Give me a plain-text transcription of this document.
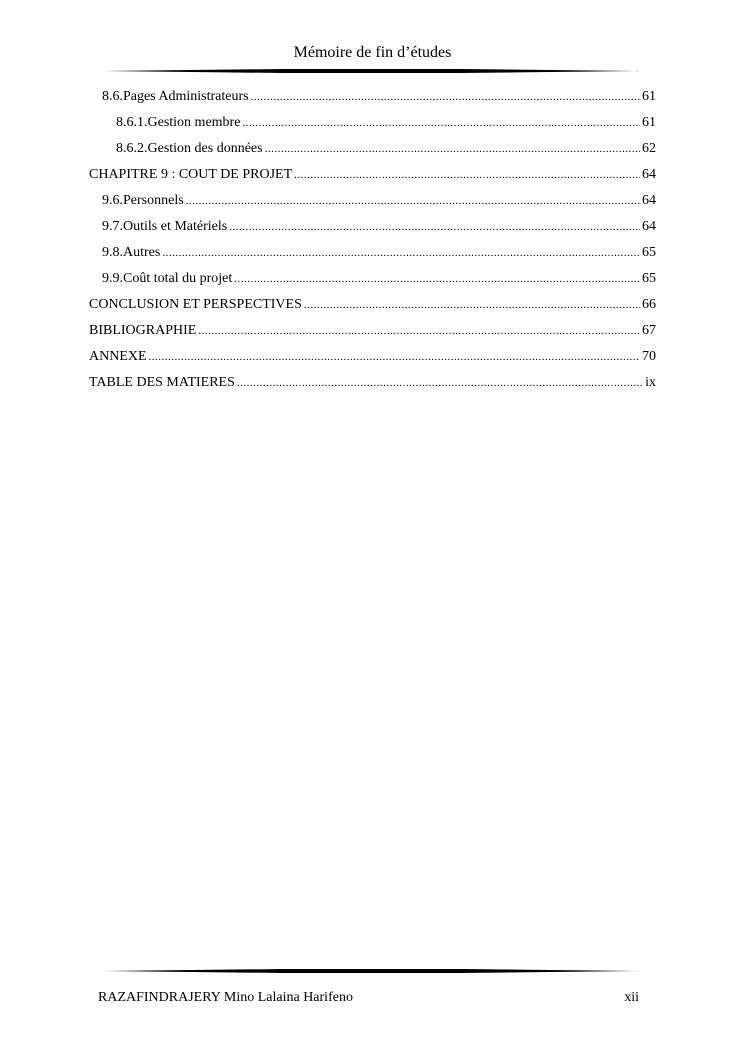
Mémoire de fin d’études
8.6. Pages Administrateurs .....	61
8.6.1. Gestion membre .....	61
8.6.2. Gestion des données .....	62
CHAPITRE 9 : COUT DE PROJET .....	64
9.6. Personnels .....	64
9.7. Outils et Matériels .....	64
9.8. Autres .....	65
9.9. Coût total du projet .....	65
CONCLUSION ET PERSPECTIVES .....	66
BIBLIOGRAPHIE .....	67
ANNEXE .....	70
TABLE DES MATIERES .....	ix
RAZAFINDRAJERY Mino Lalaina Harifeno	xii
